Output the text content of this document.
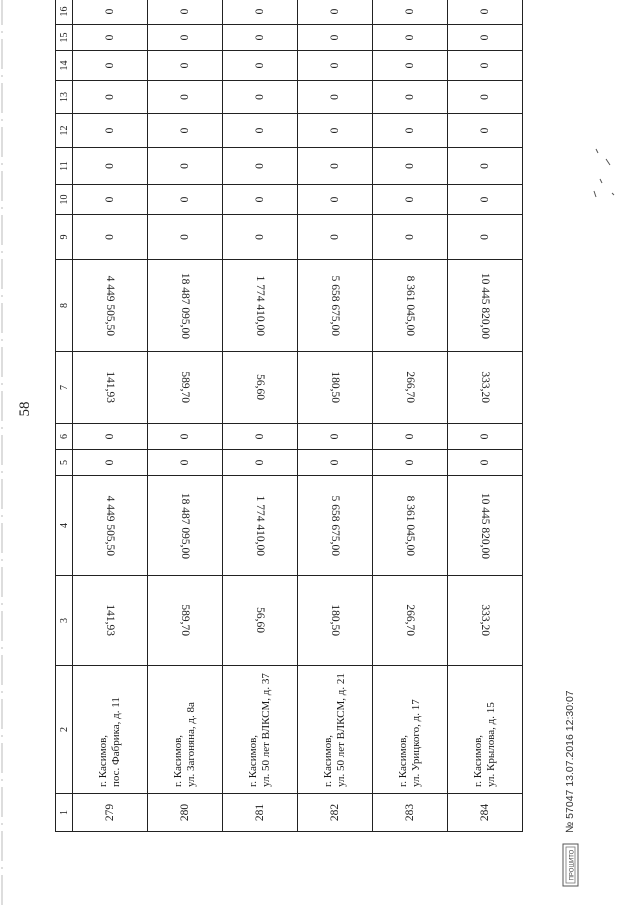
58
1	2	3	4	5	6	7	8	9	10	11	12	13	14	15	16
279	г. Касимов,
пос. Фабрика, д. 11	141,93	4 449 505,50	0	0	141,93	4 449 505,50	0	0	0	0	0	0	0	0
280	г. Касимов,
ул. Загоняна, д. 8а	589,70	18 487 095,00	0	0	589,70	18 487 095,00	0	0	0	0	0	0	0	0
281	г. Касимов,
ул. 50 лет ВЛКСМ, д. 37	56,60	1 774 410,00	0	0	56,60	1 774 410,00	0	0	0	0	0	0	0	0
282	г. Касимов,
ул. 50 лет ВЛКСМ, д. 21	180,50	5 658 675,00	0	0	180,50	5 658 675,00	0	0	0	0	0	0	0	0
283	г. Касимов,
ул. Урицкого, д. 17	266,70	8 361 045,00	0	0	266,70	8 361 045,00	0	0	0	0	0	0	0	0
284	г. Касимов,
ул. Крылова, д. 15	333,20	10 445 820,00	0	0	333,20	10 445 820,00	0	0	0	0	0	0	0	0
ПРОШИТО
№ 57047 13.07.2016 12:30:07
